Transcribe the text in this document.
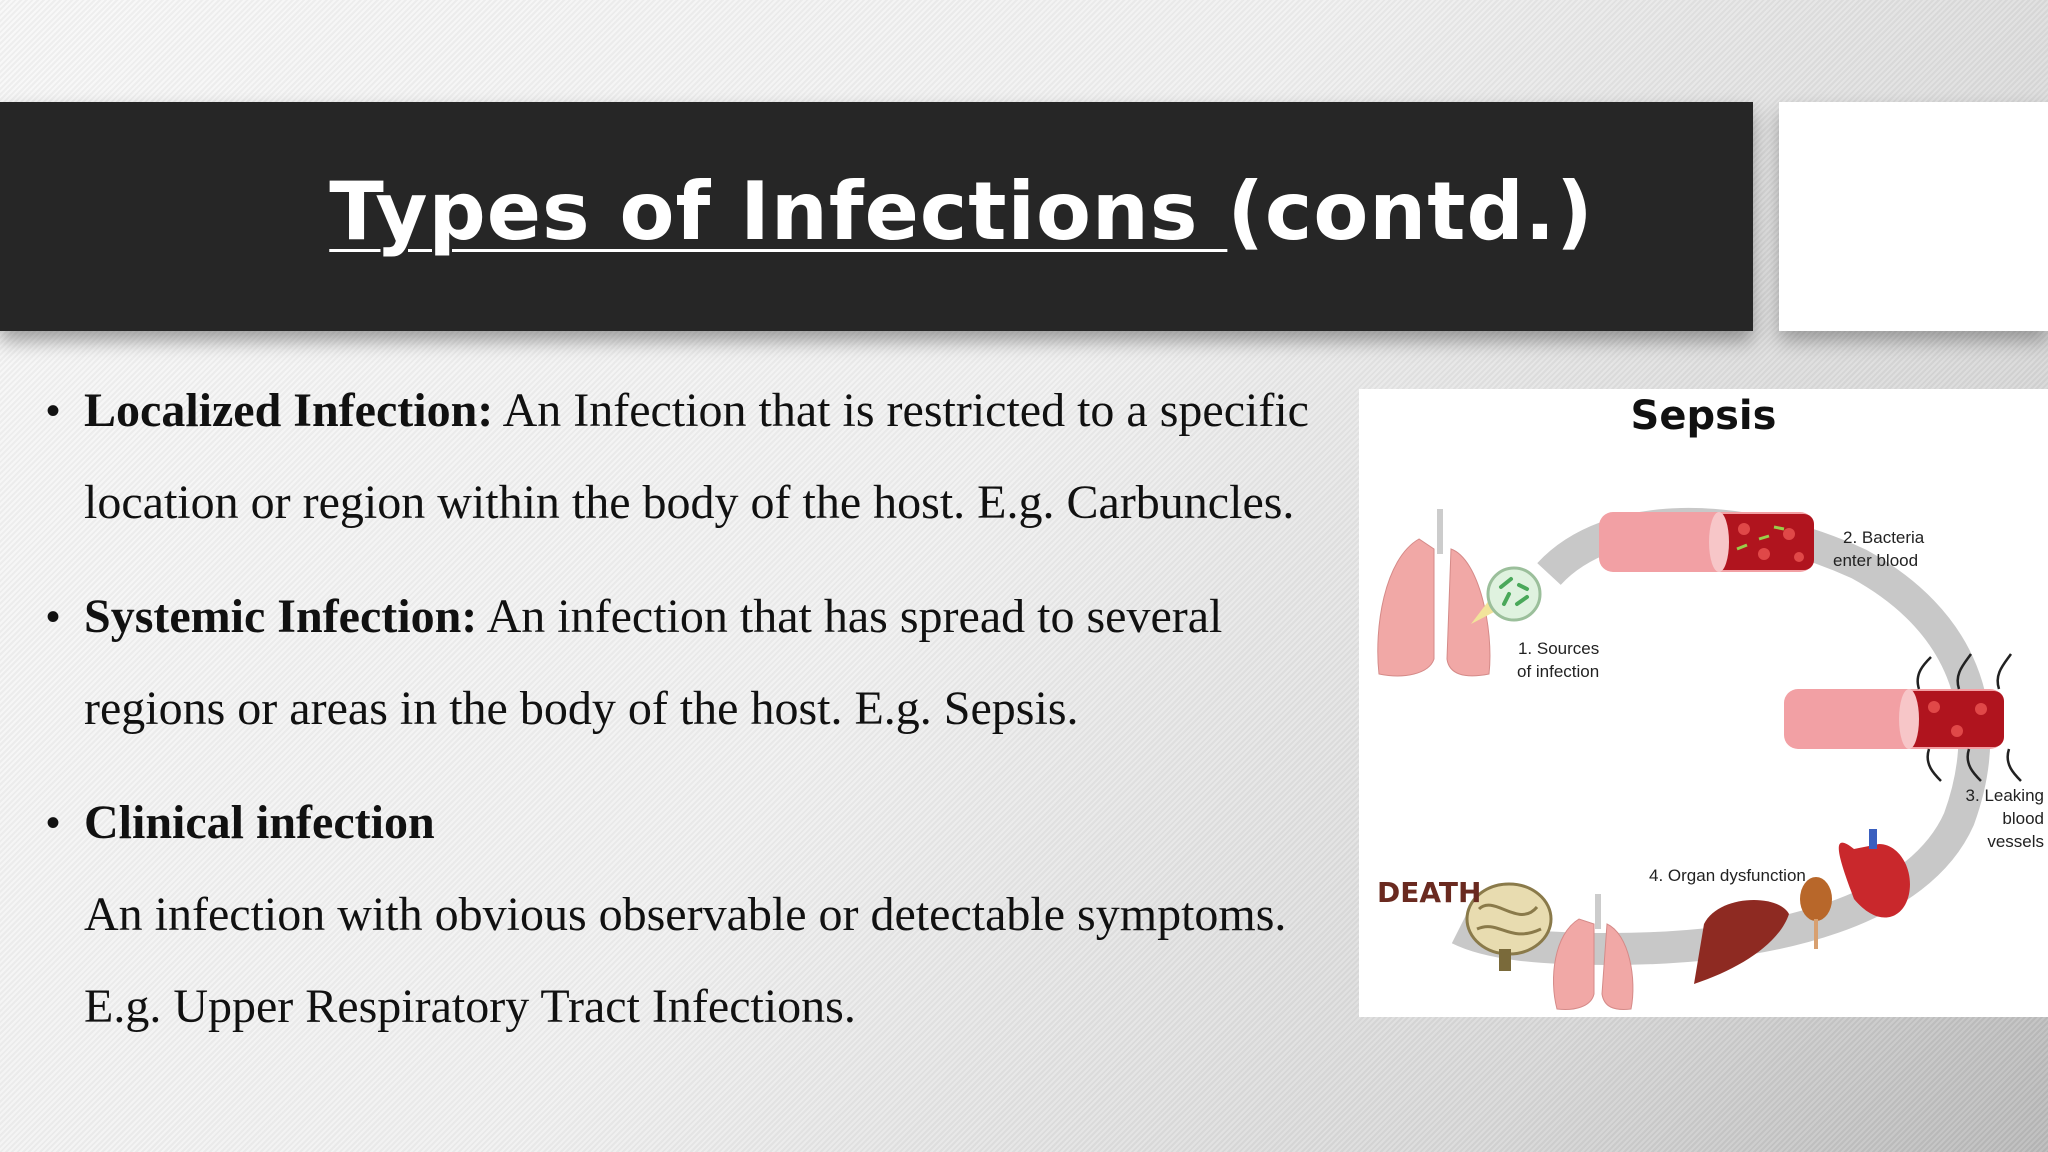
Types of Infections (contd.)
• Localized Infection: An Infection that is restricted to a specific location or region within the body of the host. E.g. Carbuncles.
• Systemic Infection: An infection that has spread to several regions or areas in the body of the host. E.g. Sepsis.
• Clinical infection
An infection with obvious observable or detectable symptoms. E.g. Upper Respiratory Tract Infections.
Sepsis
1. Sources
of infection
2. Bacteria
enter blood
3. Leaking
blood
vessels
4. Organ dysfunction
DEATH
